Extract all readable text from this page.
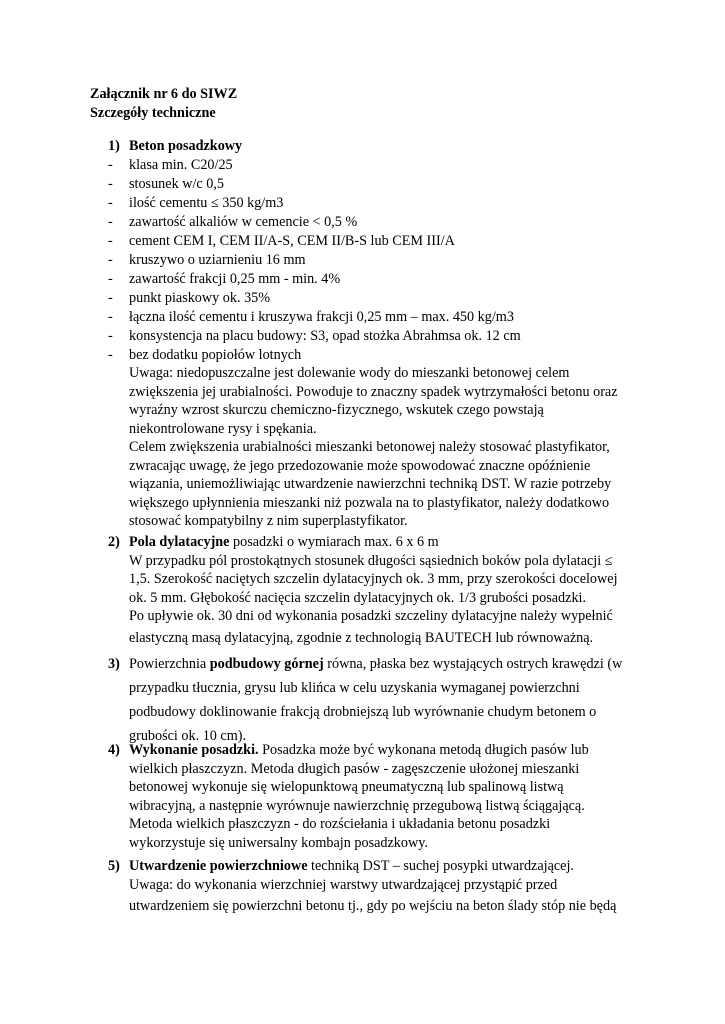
Załącznik nr 6 do SIWZ
Szczegóły techniczne
1) Beton posadzkowy
- klasa min. C20/25
- stosunek w/c 0,5
- ilość cementu ≤ 350 kg/m3
- zawartość alkaliów w cemencie < 0,5 %
- cement CEM I, CEM II/A-S, CEM II/B-S lub CEM III/A
- kruszywo o uziarnieniu 16 mm
- zawartość frakcji 0,25 mm - min. 4%
- punkt piaskowy ok. 35%
- łączna ilość cementu i kruszywa frakcji 0,25 mm – max. 450 kg/m3
- konsystencja na placu budowy: S3, opad stożka Abrahmsa ok. 12 cm
- bez dodatku popiołów lotnych

Uwaga: niedopuszczalne jest dolewanie wody do mieszanki betonowej celem

zwiększenia jej urabialności. Powoduje to znaczny spadek wytrzymałości betonu oraz

wyraźny wzrost skurczu chemiczno-fizycznego, wskutek czego powstają

niekontrolowane rysy i spękania.

Celem zwiększenia urabialności mieszanki betonowej należy stosować plastyfikator,

zwracając uwagę, że jego przedozowanie może spowodować znaczne opóźnienie

wiązania, uniemożliwiając utwardzenie nawierzchni techniką DST. W razie potrzeby

większego upłynnienia mieszanki niż pozwala na to plastyfikator, należy dodatkowo

stosować kompatybilny z nim superplastyfikator.

2) Pola dylatacyjne posadzki o wymiarach max. 6 x 6 m

W przypadku pól prostokątnych stosunek długości sąsiednich boków pola dylatacji ≤

1,5. Szerokość naciętych szczelin dylatacyjnych ok. 3 mm, przy szerokości docelowej

ok. 5 mm. Głębokość nacięcia szczelin dylatacyjnych ok. 1/3 grubości posadzki.

Po upływie ok. 30 dni od wykonania posadzki szczeliny dylatacyjne należy wypełnić

elastyczną masą dylatacyjną, zgodnie z technologią BAUTECH lub równoważną.

3) Powierzchnia podbudowy górnej równa, płaska bez wystających ostrych krawędzi (w

przypadku tłucznia, grysu lub klińca w celu uzyskania wymaganej powierzchni

podbudowy doklinowanie frakcją drobniejszą lub wyrównanie chudym betonem o

grubości ok. 10 cm).

4) Wykonanie posadzki. Posadzka może być wykonana metodą długich pasów lub

wielkich płaszczyzn. Metoda długich pasów - zagęszczenie ułożonej mieszanki

betonowej wykonuje się wielopunktową pneumatyczną lub spalinową listwą

wibracyjną, a następnie wyrównuje nawierzchnię przegubową listwą ściągającą.

Metoda wielkich płaszczyzn - do rozściełania i układania betonu posadzki

wykorzystuje się uniwersalny kombajn posadzkowy.

5) Utwardzenie powierzchniowe techniką DST – suchej posypki utwardzającej.

Uwaga: do wykonania wierzchniej warstwy utwardzającej przystąpić przed

utwardzeniem się powierzchni betonu tj., gdy po wejściu na beton ślady stóp nie będą
